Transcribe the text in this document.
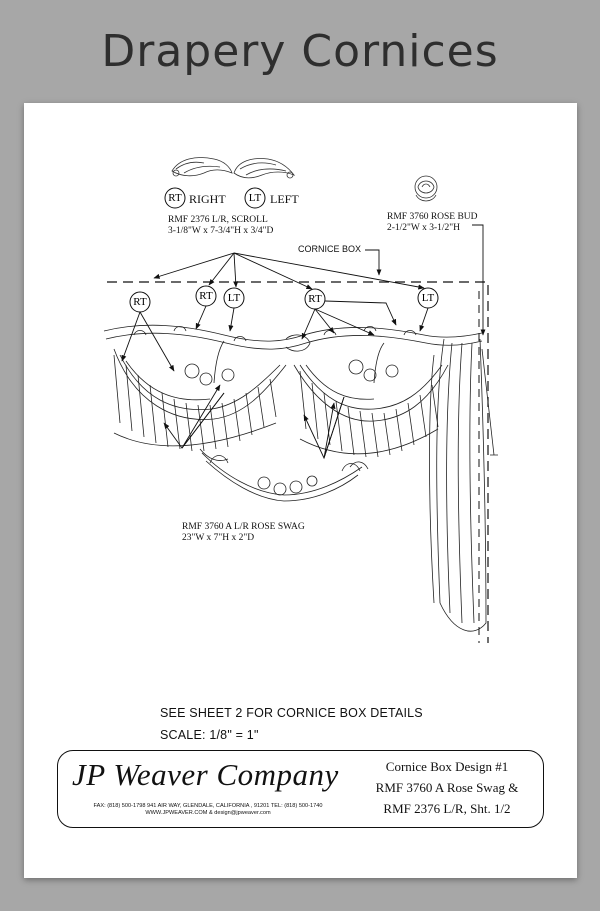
Drapery Cornices
RT RIGHT	LT LEFT
RMF 2376 L/R, SCROLL
3-1/8"W x 7-3/4"H x 3/4"D
RMF 3760 ROSE BUD
2-1/2"W x 3-1/2"H
CORNICE BOX
RT	RT	LT	RT	LT
RMF 3760 A L/R ROSE SWAG
23"W x 7"H x 2"D
SEE SHEET 2 FOR CORNICE BOX DETAILS
SCALE: 1/8" = 1"
JP Weaver Company
FAX: (818) 500-1798 941 AIR WAY, GLENDALE, CALIFORNIA , 91201 TEL: (818) 500-1740
WWW.JPWEAVER.COM & design@jpweaver.com
Cornice Box Design #1
RMF 3760 A Rose Swag &
RMF 2376 L/R, Sht. 1/2
